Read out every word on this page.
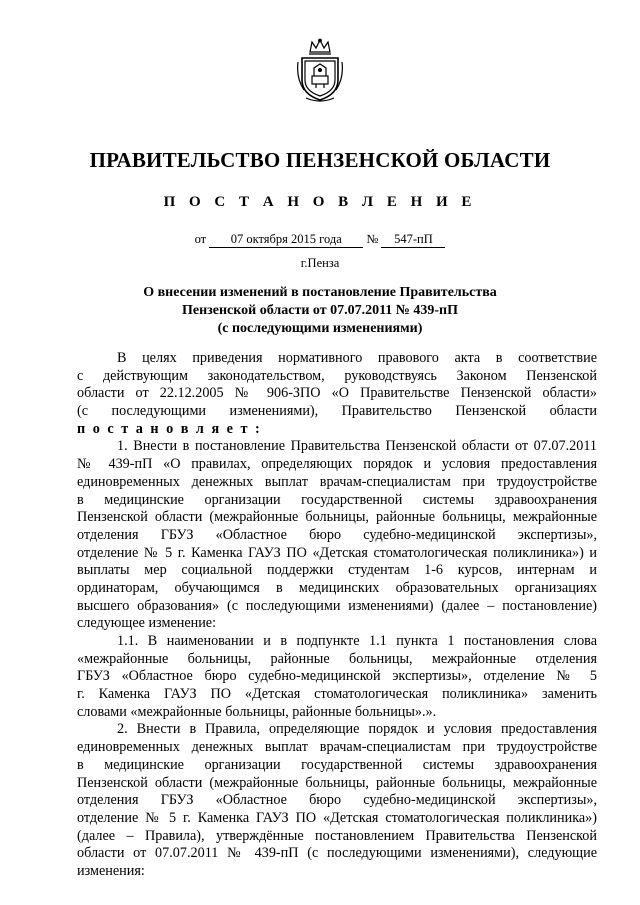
ПРАВИТЕЛЬСТВО ПЕНЗЕНСКОЙ ОБЛАСТИ
П О С Т А Н О В Л Е Н И Е
от 07 октября 2015 года № 547-пП
г.Пенза
О внесении изменений в постановление Правительства
Пензенской области от 07.07.2011 № 439-пП
(с последующими изменениями)
В целях приведения нормативного правового акта в соответствие
с действующим законодательством, руководствуясь Законом Пензенской
области от 22.12.2005 № 906-ЗПО «О Правительстве Пензенской области»
(с последующими изменениями), Правительство Пензенской области
п о с т а н о в л я е т :
1. Внести в постановление Правительства Пензенской области от 07.07.2011
№ 439-пП «О правилах, определяющих порядок и условия предоставления
единовременных денежных выплат врачам-специалистам при трудоустройстве
в медицинские организации государственной системы здравоохранения
Пензенской области (межрайонные больницы, районные больницы, межрайонные
отделения ГБУЗ «Областное бюро судебно-медицинской экспертизы»,
отделение № 5 г. Каменка ГАУЗ ПО «Детская стоматологическая поликлиника») и
выплаты мер социальной поддержки студентам 1-6 курсов, интернам и
ординаторам, обучающимся в медицинских образовательных организациях
высшего образования» (с последующими изменениями) (далее – постановление)
следующее изменение:
1.1. В наименовании и в подпункте 1.1 пункта 1 постановления слова
«межрайонные больницы, районные больницы, межрайонные отделения
ГБУЗ «Областное бюро судебно-медицинской экспертизы», отделение № 5
г. Каменка ГАУЗ ПО «Детская стоматологическая поликлиника» заменить
словами «межрайонные больницы, районные больницы».».
2. Внести в Правила, определяющие порядок и условия предоставления
единовременных денежных выплат врачам-специалистам при трудоустройстве
в медицинские организации государственной системы здравоохранения
Пензенской области (межрайонные больницы, районные больницы, межрайонные
отделения ГБУЗ «Областное бюро судебно-медицинской экспертизы»,
отделение № 5 г. Каменка ГАУЗ ПО «Детская стоматологическая поликлиника»)
(далее – Правила), утверждённые постановлением Правительства Пензенской
области от 07.07.2011 № 439-пП (с последующими изменениями), следующие
изменения:
